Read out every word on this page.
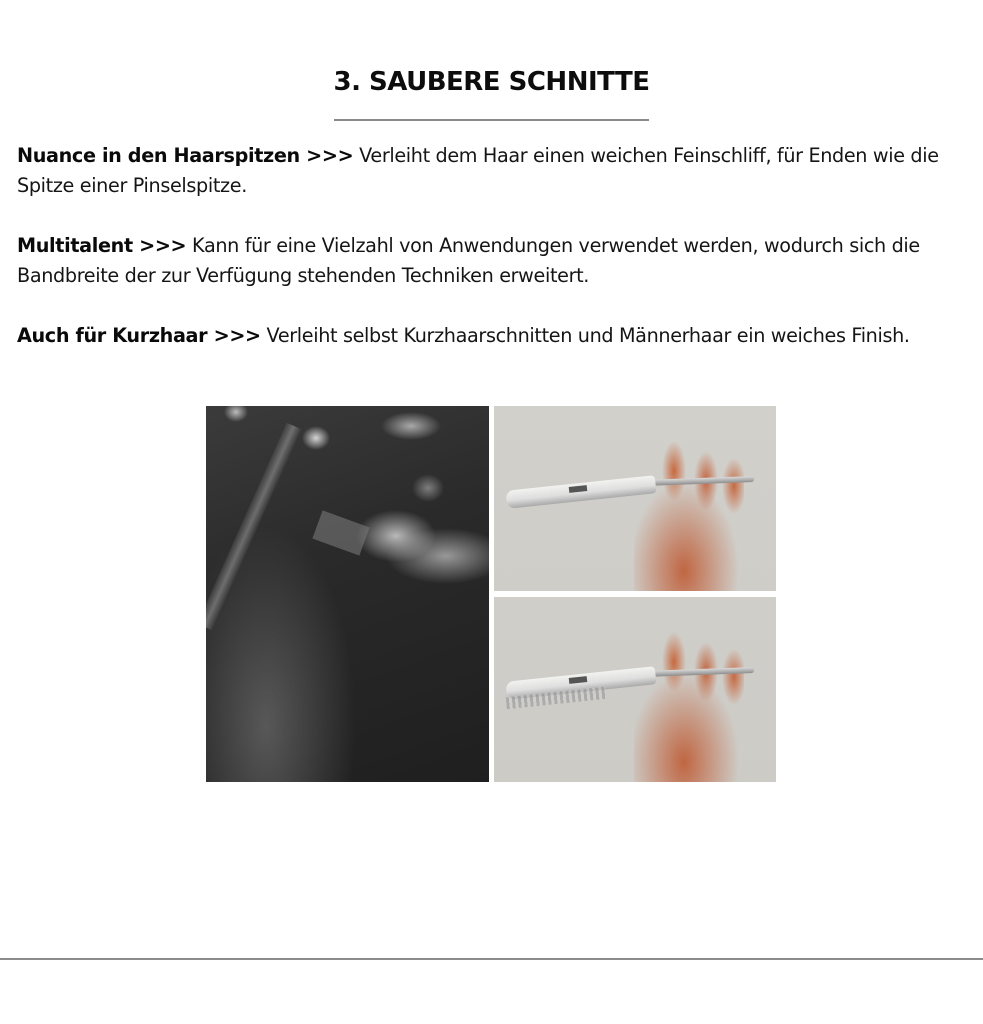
3. SAUBERE SCHNITTE

Nuance in den Haarspitzen >>> Verleiht dem Haar einen weichen Feinschliff, für Enden wie die Spitze einer Pinselspitze.

Multitalent >>> Kann für eine Vielzahl von Anwendungen verwendet werden, wodurch sich die Bandbreite der zur Verfügung stehenden Techniken erweitert.

Auch für Kurzhaar >>> Verleiht selbst Kurzhaarschnitten und Männerhaar ein weiches Finish.
